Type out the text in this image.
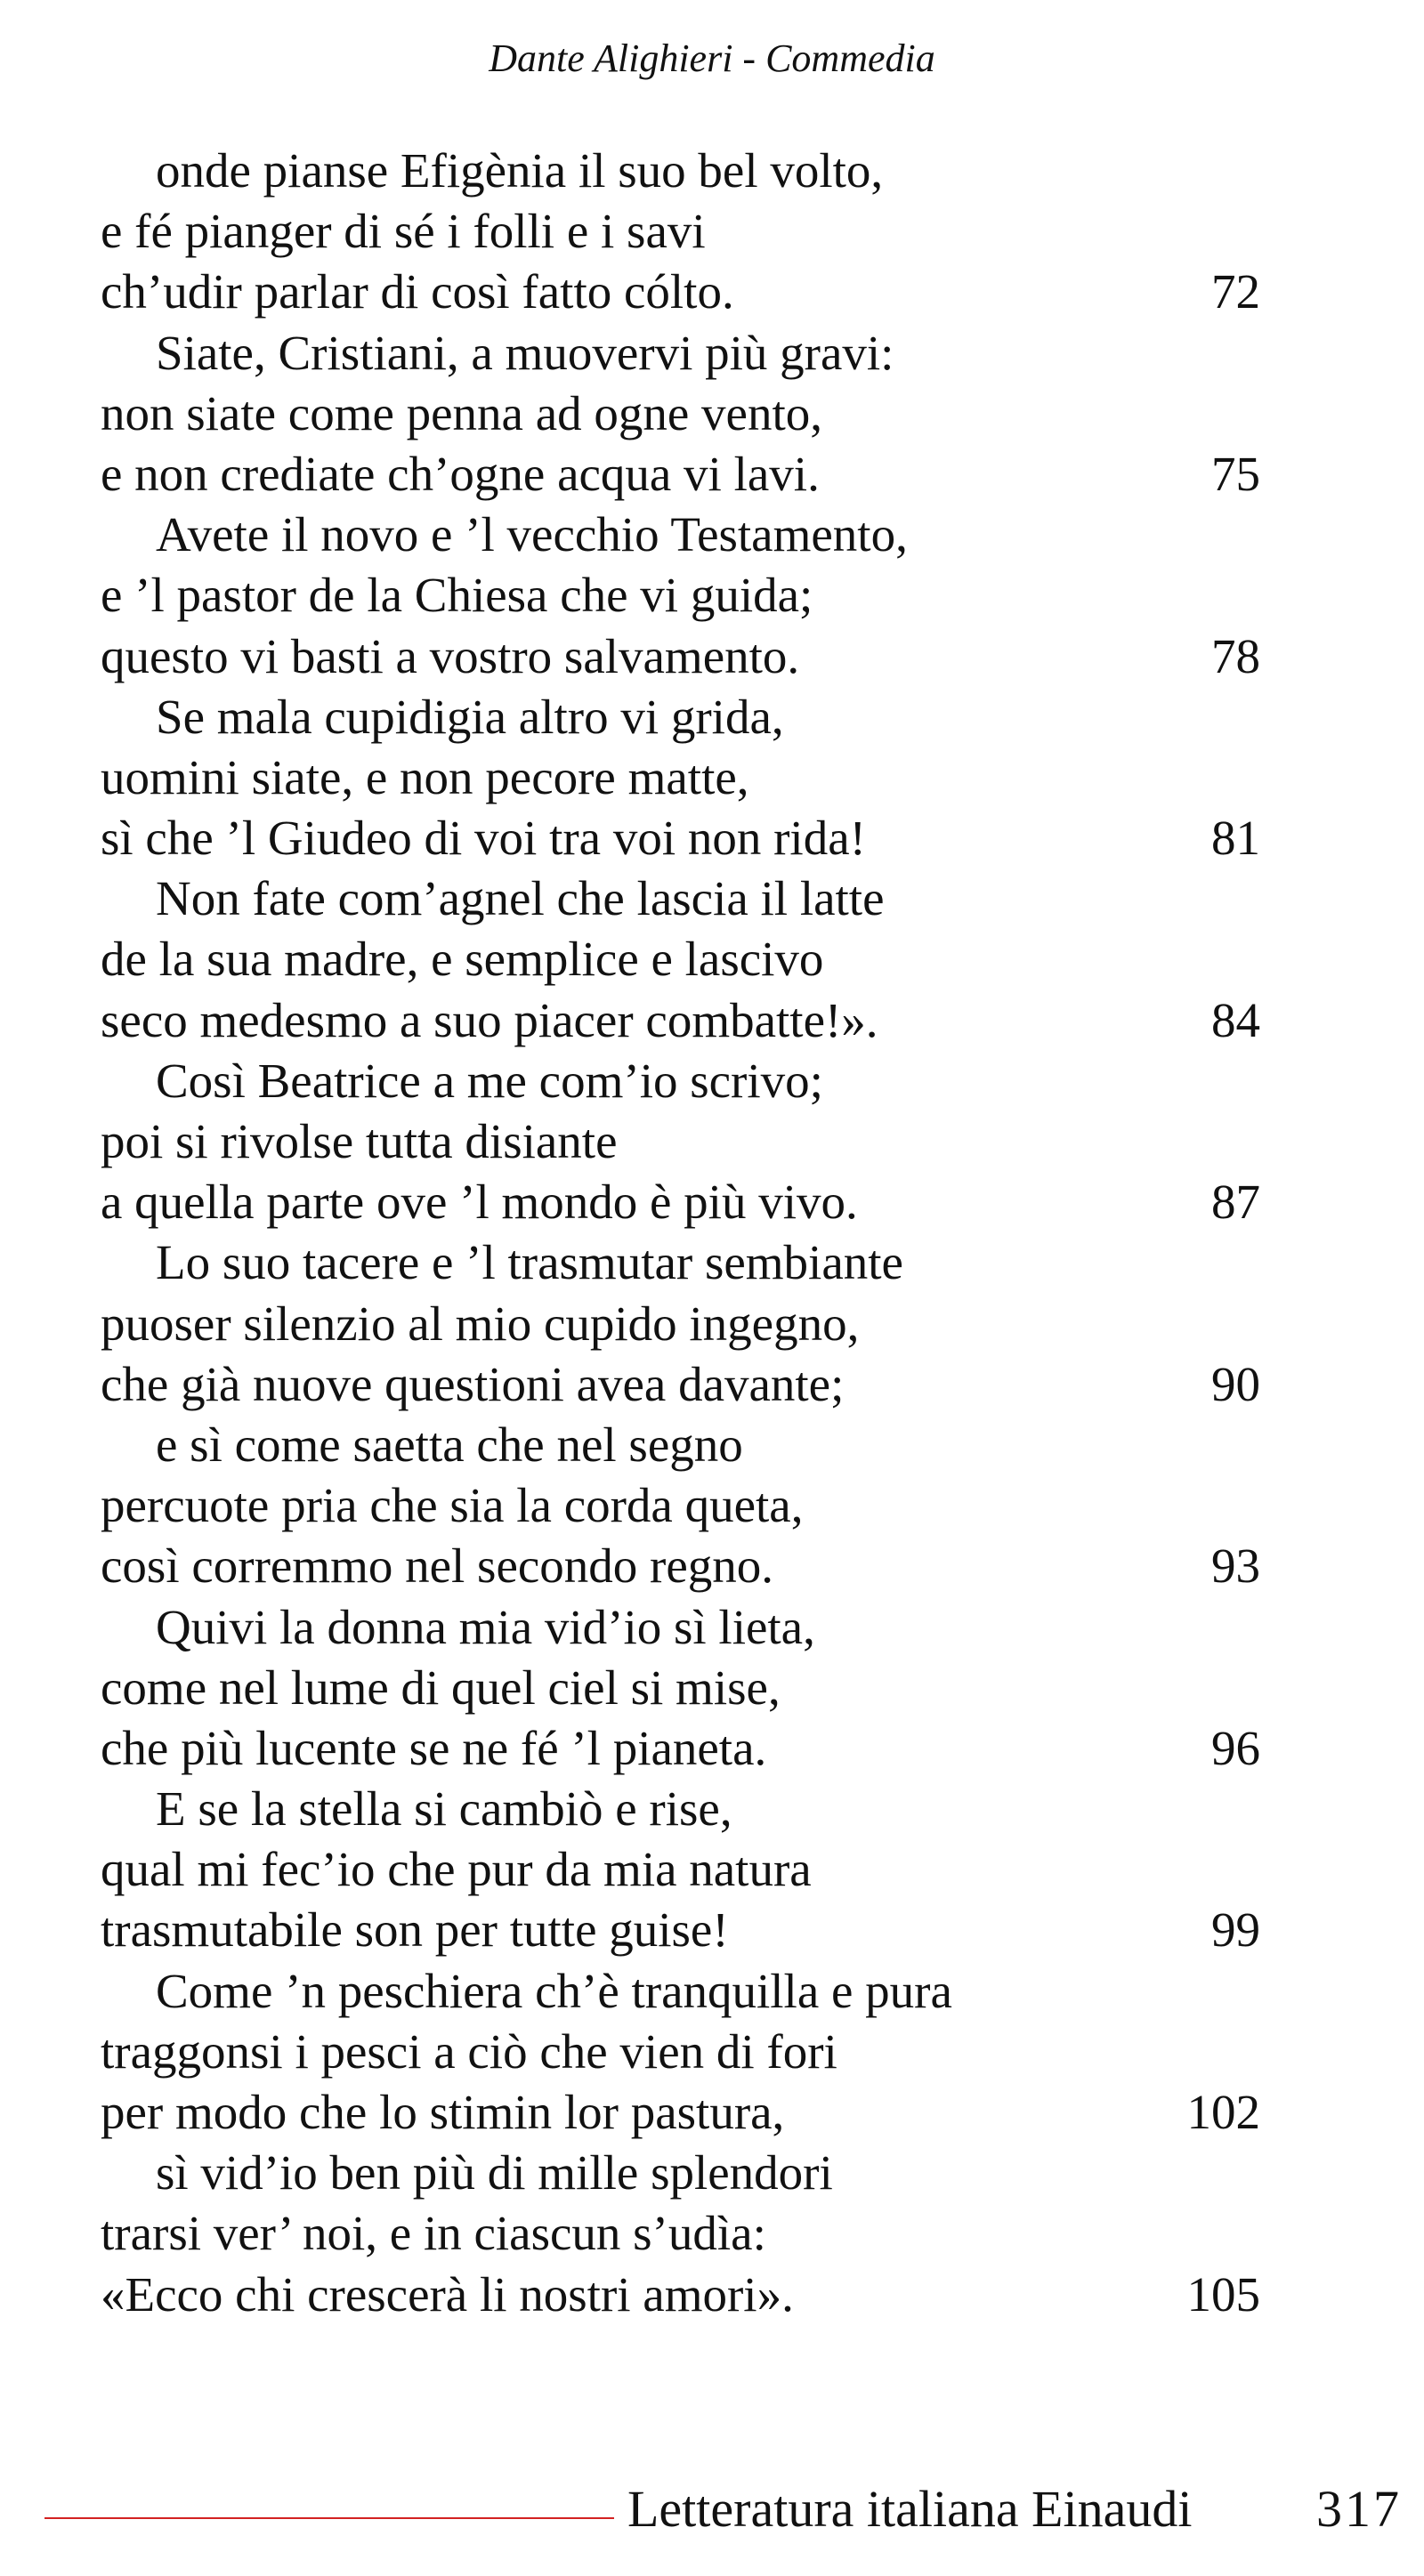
Dante Alighieri - Commedia
onde pianse Efigènia il suo bel volto,
e fé pianger di sé i folli e i savi
ch’udir parlar di così fatto cólto.	72
Siate, Cristiani, a muovervi più gravi:
non siate come penna ad ogne vento,
e non crediate ch’ogne acqua vi lavi.	75
Avete il novo e ’l vecchio Testamento,
e ’l pastor de la Chiesa che vi guida;
questo vi basti a vostro salvamento.	78
Se mala cupidigia altro vi grida,
uomini siate, e non pecore matte,
sì che ’l Giudeo di voi tra voi non rida!	81
Non fate com’agnel che lascia il latte
de la sua madre, e semplice e lascivo
seco medesmo a suo piacer combatte!».	84
Così Beatrice a me com’io scrivo;
poi si rivolse tutta disiante
a quella parte ove ’l mondo è più vivo.	87
Lo suo tacere e ’l trasmutar sembiante
puoser silenzio al mio cupido ingegno,
che già nuove questioni avea davante;	90
e sì come saetta che nel segno
percuote pria che sia la corda queta,
così corremmo nel secondo regno.	93
Quivi la donna mia vid’io sì lieta,
come nel lume di quel ciel si mise,
che più lucente se ne fé ’l pianeta.	96
E se la stella si cambiò e rise,
qual mi fec’io che pur da mia natura
trasmutabile son per tutte guise!	99
Come ’n peschiera ch’è tranquilla e pura
traggonsi i pesci a ciò che vien di fori
per modo che lo stimin lor pastura,	102
sì vid’io ben più di mille splendori
trarsi ver’ noi, e in ciascun s’udìa:
«Ecco chi crescerà li nostri amori».	105
Letteratura italiana Einaudi 317
